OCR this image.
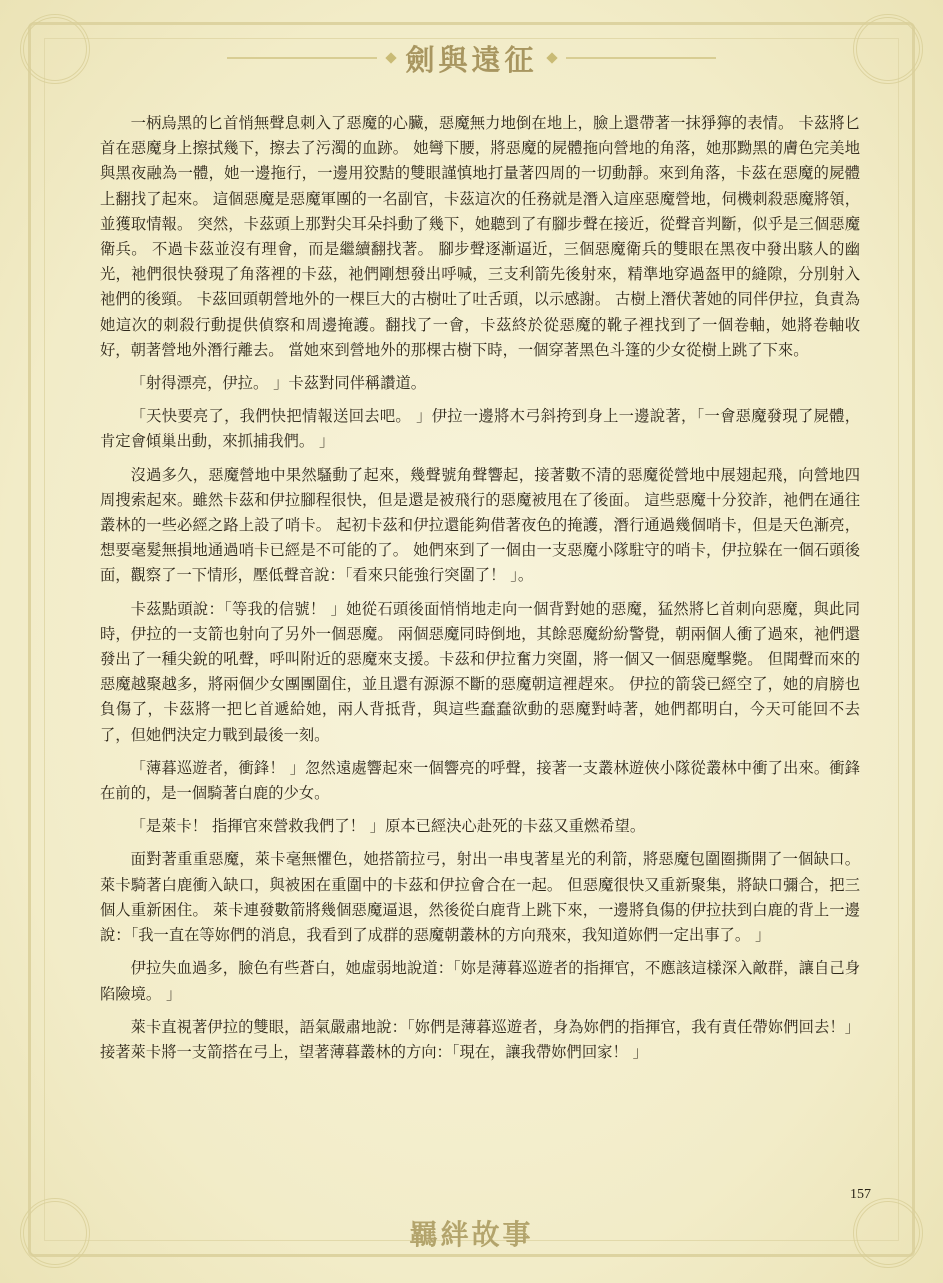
劍與遠征

一柄烏黑的匕首悄無聲息刺入了惡魔的心臟，惡魔無力地倒在地上，臉上還帶著一抹猙獰的表情。 卡茲將匕首在惡魔身上擦拭幾下，擦去了污濁的血跡。 她彎下腰，將惡魔的屍體拖向營地的角落，她那黝黑的膚色完美地與黑夜融為一體，她一邊拖行，一邊用狡黠的雙眼謹慎地打量著四周的一切動靜。來到角落，卡茲在惡魔的屍體上翻找了起來。 這個惡魔是惡魔軍團的一名副官，卡茲這次的任務就是潛入這座惡魔營地，伺機刺殺惡魔將領，並獲取情報。 突然，卡茲頭上那對尖耳朵抖動了幾下，她聽到了有腳步聲在接近，從聲音判斷，似乎是三個惡魔衛兵。 不過卡茲並沒有理會，而是繼續翻找著。 腳步聲逐漸逼近，三個惡魔衛兵的雙眼在黑夜中發出駭人的幽光，祂們很快發現了角落裡的卡茲，祂們剛想發出呼喊，三支利箭先後射來，精準地穿過盔甲的縫隙，分別射入祂們的後頸。 卡茲回頭朝營地外的一棵巨大的古樹吐了吐舌頭，以示感謝。 古樹上潛伏著她的同伴伊拉，負責為她這次的刺殺行動提供偵察和周邊掩護。翻找了一會，卡茲終於從惡魔的靴子裡找到了一個卷軸，她將卷軸收好，朝著營地外潛行離去。 當她來到營地外的那棵古樹下時，一個穿著黑色斗篷的少女從樹上跳了下來。

「射得漂亮，伊拉。 」卡茲對同伴稱讚道。

「天快要亮了，我們快把情報送回去吧。 」伊拉一邊將木弓斜挎到身上一邊說著，「一會惡魔發現了屍體，肯定會傾巢出動，來抓捕我們。 」

沒過多久，惡魔營地中果然騷動了起來，幾聲號角聲響起，接著數不清的惡魔從營地中展翅起飛，向營地四周搜索起來。雖然卡茲和伊拉腳程很快，但是還是被飛行的惡魔被甩在了後面。 這些惡魔十分狡詐，祂們在通往叢林的一些必經之路上設了哨卡。 起初卡茲和伊拉還能夠借著夜色的掩護，潛行通過幾個哨卡，但是天色漸亮，想要毫髮無損地通過哨卡已經是不可能的了。 她們來到了一個由一支惡魔小隊駐守的哨卡，伊拉躲在一個石頭後面，觀察了一下情形，壓低聲音說：「看來只能強行突圍了！ 」。

卡茲點頭說：「等我的信號！ 」她從石頭後面悄悄地走向一個背對她的惡魔，猛然將匕首刺向惡魔，與此同時，伊拉的一支箭也射向了另外一個惡魔。 兩個惡魔同時倒地，其餘惡魔紛紛警覺，朝兩個人衝了過來，祂們還發出了一種尖銳的吼聲，呼叫附近的惡魔來支援。卡茲和伊拉奮力突圍，將一個又一個惡魔擊斃。 但聞聲而來的惡魔越聚越多，將兩個少女團團圍住，並且還有源源不斷的惡魔朝這裡趕來。 伊拉的箭袋已經空了，她的肩膀也負傷了，卡茲將一把匕首遞給她，兩人背抵背，與這些蠢蠢欲動的惡魔對峙著，她們都明白，今天可能回不去了，但她們決定力戰到最後一刻。

「薄暮巡遊者，衝鋒！ 」忽然遠處響起來一個響亮的呼聲，接著一支叢林遊俠小隊從叢林中衝了出來。衝鋒在前的，是一個騎著白鹿的少女。

「是萊卡！ 指揮官來營救我們了！ 」原本已經決心赴死的卡茲又重燃希望。

面對著重重惡魔，萊卡毫無懼色，她搭箭拉弓，射出一串曳著星光的利箭，將惡魔包圍圈撕開了一個缺口。萊卡騎著白鹿衝入缺口，與被困在重圍中的卡茲和伊拉會合在一起。 但惡魔很快又重新聚集，將缺口彌合，把三個人重新困住。 萊卡連發數箭將幾個惡魔逼退，然後從白鹿背上跳下來，一邊將負傷的伊拉扶到白鹿的背上一邊說：「我一直在等妳們的消息，我看到了成群的惡魔朝叢林的方向飛來，我知道妳們一定出事了。 」

伊拉失血過多，臉色有些蒼白，她虛弱地說道：「妳是薄暮巡遊者的指揮官，不應該這樣深入敵群，讓自己身陷險境。 」

萊卡直視著伊拉的雙眼，語氣嚴肅地說：「妳們是薄暮巡遊者，身為妳們的指揮官，我有責任帶妳們回去！」接著萊卡將一支箭搭在弓上，望著薄暮叢林的方向：「現在，讓我帶妳們回家！ 」

157
羈絆故事
